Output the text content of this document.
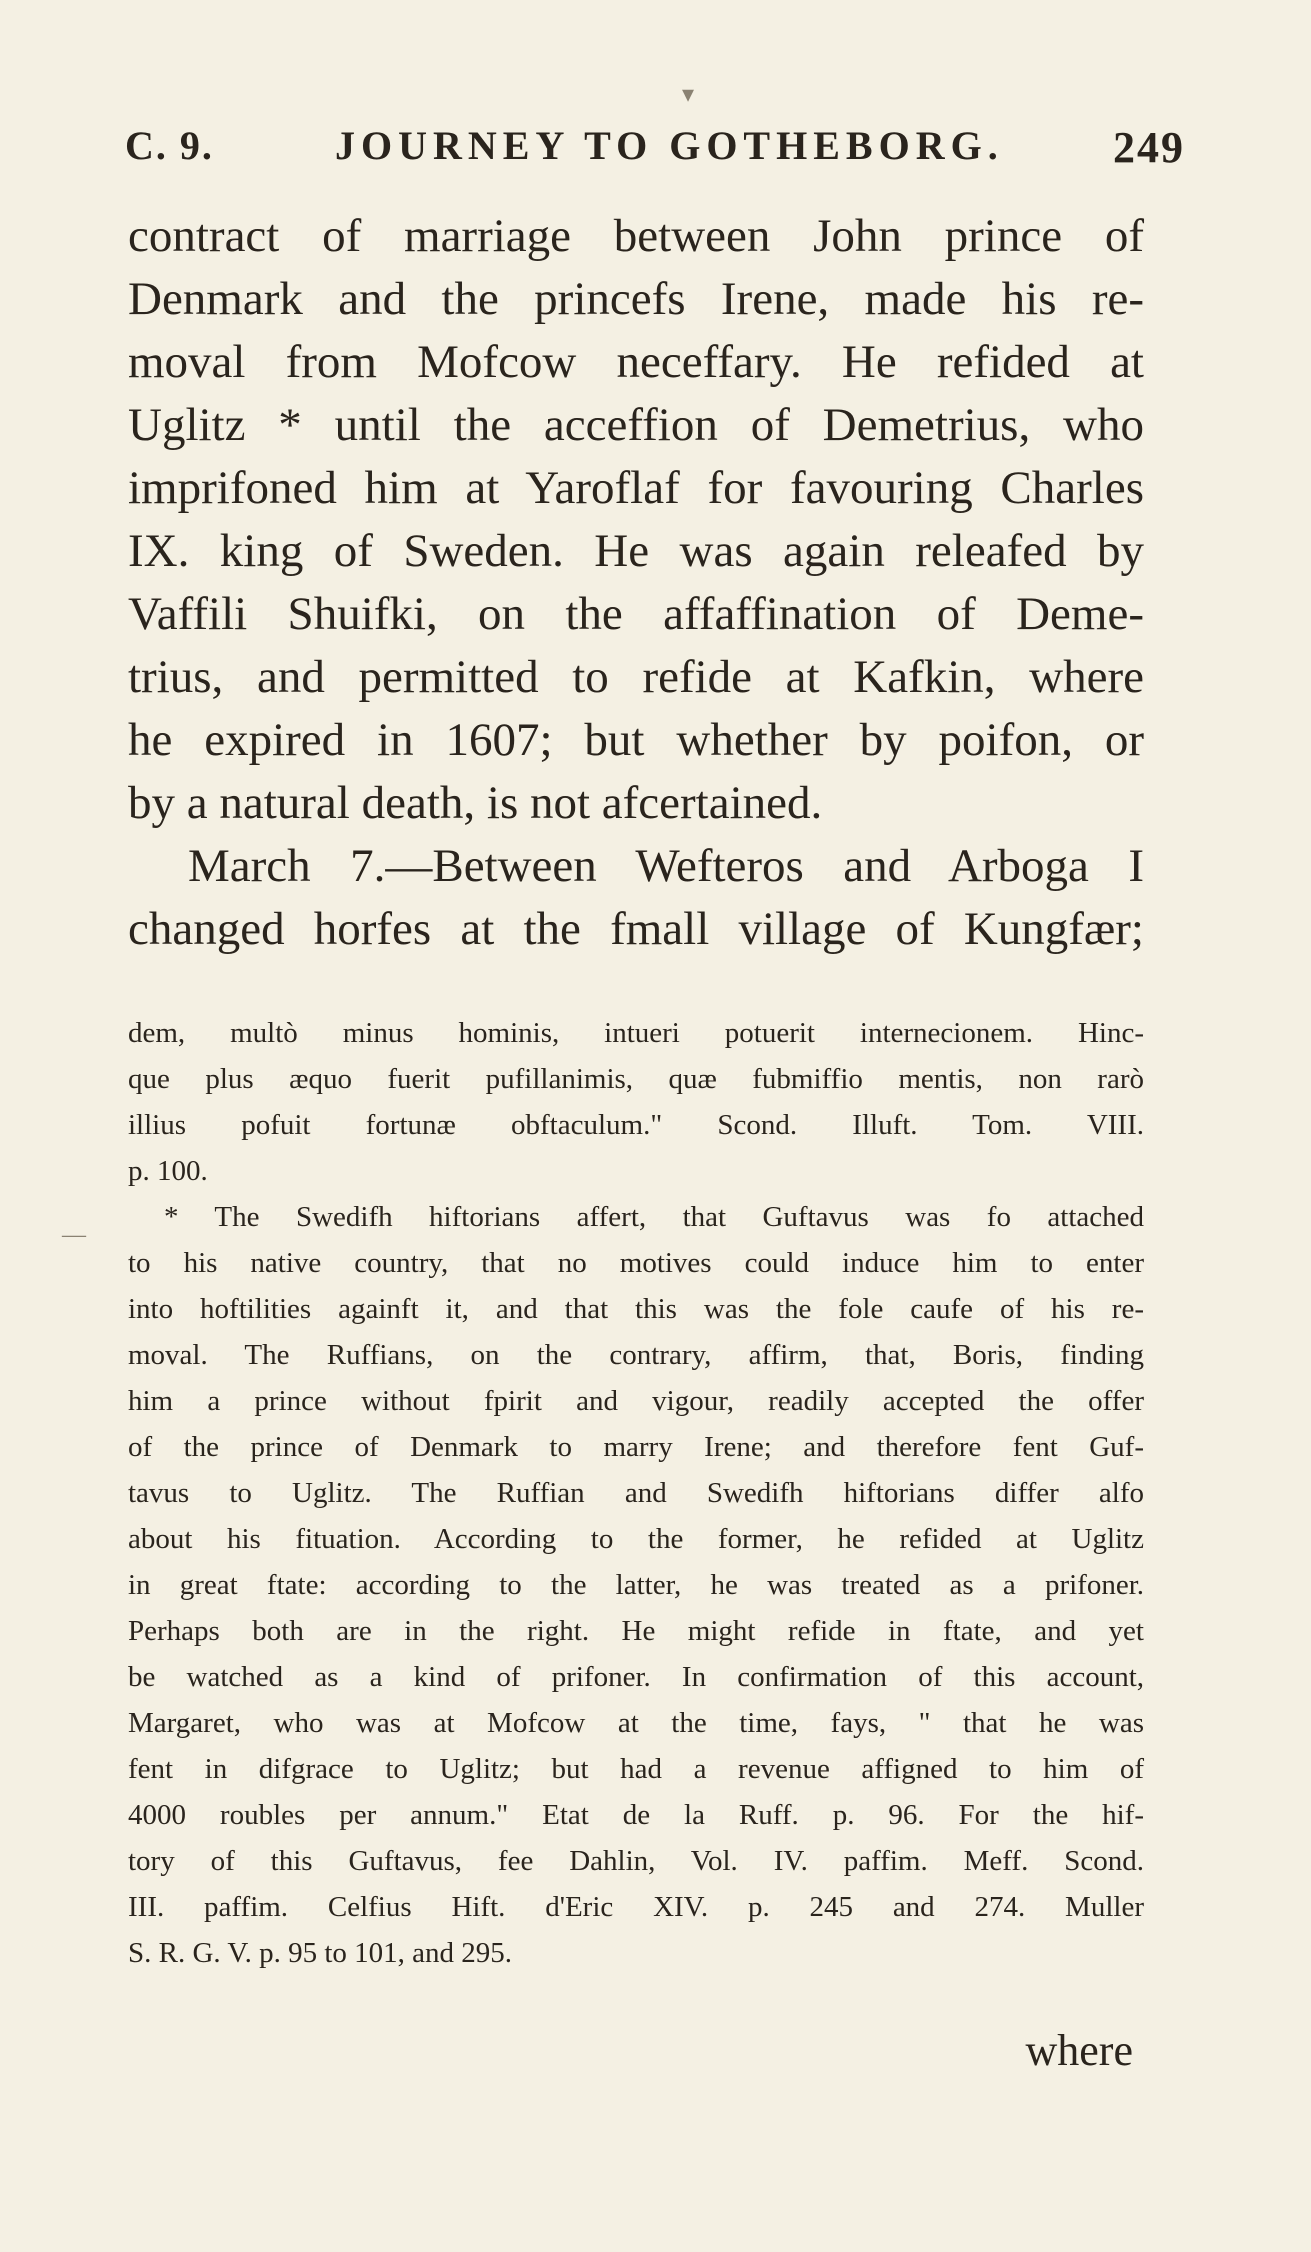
▾
C. 9.	JOURNEY TO GOTHEBORG. 249
contract of marriage between John prince of
Denmark and the princefs Irene, made his re-
moval from Mofcow neceffary. He refided at
Uglitz * until the acceffion of Demetrius, who
imprifoned him at Yaroflaf for favouring Charles
IX. king of Sweden. He was again releafed by
Vaffili Shuifki, on the affaffination of Deme-
trius, and permitted to refide at Kafkin, where
he expired in 1607; but whether by poifon, or
by a natural death, is not afcertained.
March 7.—Between Wefteros and Arboga I
changed horfes at the fmall village of Kungfær;
dem, multò minus hominis, intueri potuerit internecionem. Hinc-
que plus æquo fuerit pufillanimis, quæ fubmiffio mentis, non rarò
illius pofuit fortunæ obftaculum." Scond. Illuft. Tom. VIII.
p. 100.
* The Swedifh hiftorians affert, that Guftavus was fo attached
to his native country, that no motives could induce him to enter
into hoftilities againft it, and that this was the fole caufe of his re-
moval. The Ruffians, on the contrary, affirm, that, Boris, finding
him a prince without fpirit and vigour, readily accepted the offer
of the prince of Denmark to marry Irene; and therefore fent Guf-
tavus to Uglitz. The Ruffian and Swedifh hiftorians differ alfo
about his fituation. According to the former, he refided at Uglitz
in great ftate: according to the latter, he was treated as a prifoner.
Perhaps both are in the right. He might refide in ftate, and yet
be watched as a kind of prifoner. In confirmation of this account,
Margaret, who was at Mofcow at the time, fays, " that he was
fent in difgrace to Uglitz; but had a revenue affigned to him of
4000 roubles per annum." Etat de la Ruff. p. 96. For the hif-
tory of this Guftavus, fee Dahlin, Vol. IV. paffim. Meff. Scond.
III. paffim. Celfius Hift. d'Eric XIV. p. 245 and 274. Muller
S. R. G. V. p. 95 to 101, and 295.
where
—
